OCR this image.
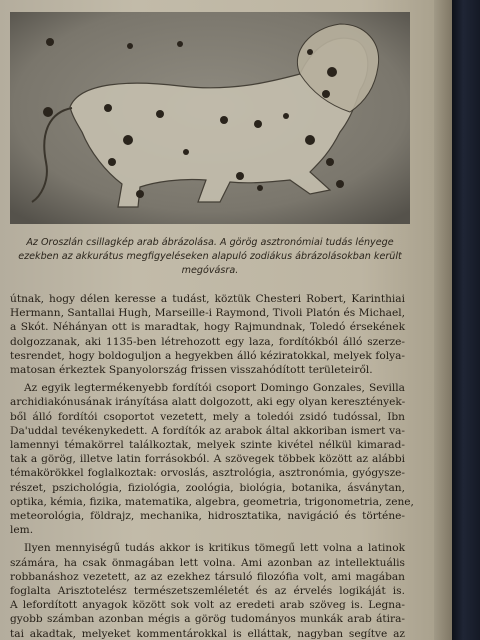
Az Oroszlán csillagkép arab ábrázolása. A görög asztronómiai tudás lényege
ezekben az akkurátus megfigyeléseken alapuló zodiákus ábrázolásokban került
megóvásra.
útnak, hogy délen keresse a tudást, köztük Chesteri Robert, Karinthiai
Hermann, Santallai Hugh, Marseille-i Raymond, Tivoli Platón és Michael,
a Skót. Néhányan ott is maradtak, hogy Rajmundnak, Toledó érsekének
dolgozzanak, aki 1135-ben létrehozott egy laza, fordítókból álló szerze-
tesrendet, hogy boldoguljon a hegyekben álló kéziratokkal, melyek folya-
matosan érkeztek Spanyolország frissen visszahódított területeiről.
Az egyik legtermékenyebb fordítói csoport Domingo Gonzales, Sevilla
archidiakónusának irányítása alatt dolgozott, aki egy olyan keresztények-
ből álló fordítói csoportot vezetett, mely a toledói zsidó tudóssal, Ibn
Da'uddal tevékenykedett. A fordítók az arabok által akkoriban ismert va-
lamennyi témakörrel találkoztak, melyek szinte kivétel nélkül kimarad-
tak a görög, illetve latin forrásokból. A szövegek többek között az alábbi
témakörökkel foglalkoztak: orvoslás, asztrológia, asztronómia, gyógysze-
részet, pszichológia, fiziológia, zoológia, biológia, botanika, ásványtan,
optika, kémia, fizika, matematika, algebra, geometria, trigonometria, zene,
meteorológia, földrajz, mechanika, hidrosztatika, navigáció és történe-
lem.
Ilyen mennyiségű tudás akkor is kritikus tömegű lett volna a latinok
számára, ha csak önmagában lett volna. Ami azonban az intellektuális
robbanáshoz vezetett, az az ezekhez társuló filozófia volt, ami magában
foglalta Arisztotelész természetszemléletét és az érvelés logikáját is.
A lefordított anyagok között sok volt az eredeti arab szöveg is. Legna-
gyobb számban azonban mégis a görög tudományos munkák arab átira-
tai akadtak, melyeket kommentárokkal is elláttak, nagyban segítve az
